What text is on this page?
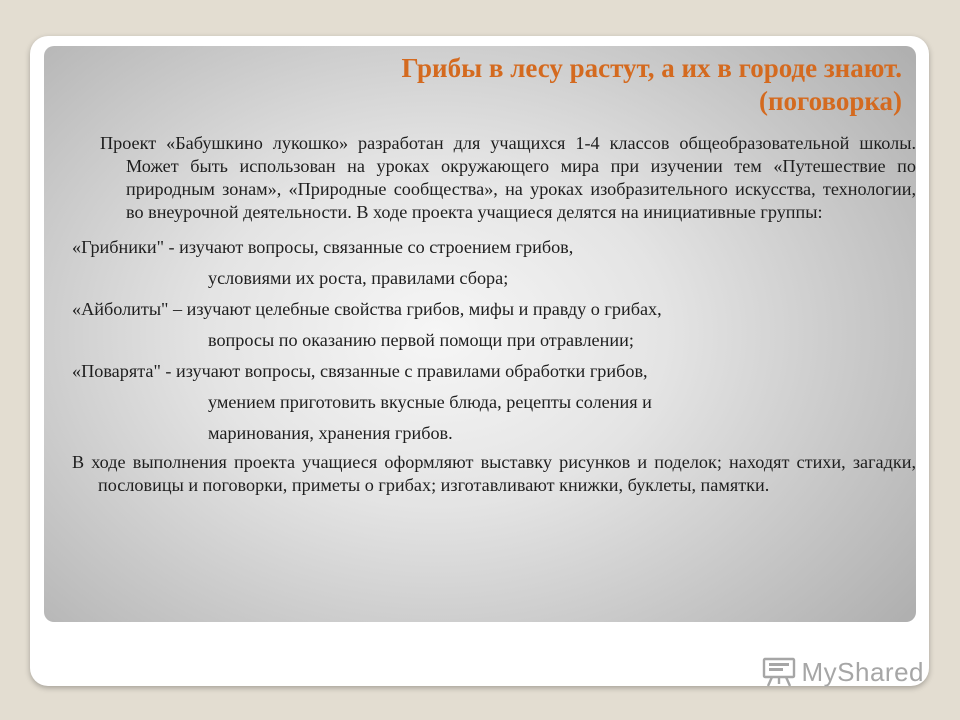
Грибы в лесу растут, а их в городе знают.
(поговорка)

Проект «Бабушкино лукошко» разработан для учащихся 1-4 классов общеобразовательной школы. Может быть использован на уроках окружающего мира при изучении тем «Путешествие по природным зонам», «Природные сообщества», на уроках изобразительного искусства, технологии, во внеурочной деятельности. В ходе проекта учащиеся делятся на инициативные группы:

«Грибники" - изучают вопросы, связанные со строением грибов,

условиями их роста, правилами сбора;

«Айболиты" – изучают целебные свойства грибов, мифы и правду о грибах,

вопросы по оказанию первой помощи при отравлении;

«Поварята" - изучают вопросы, связанные с правилами обработки грибов,

умением приготовить вкусные блюда, рецепты соления и

маринования, хранения грибов.

В ходе выполнения проекта учащиеся оформляют выставку рисунков и поделок; находят стихи, загадки, пословицы и поговорки, приметы о грибах; изготавливают книжки, буклеты, памятки.

MyShared
